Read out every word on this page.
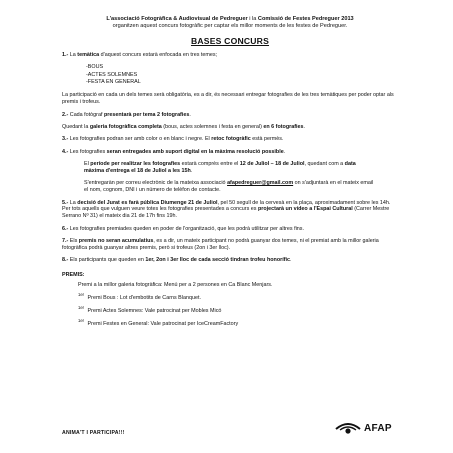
L'associació Fotogràfica & Audiovisual de Pedreguer i la Comissió de Festes Pedreguer 2013
organitzen aquest concurs fotogràfic per captar els millor moments de les festes de Pedreguer.
BASES CONCURS

1.- La temàtica d'aquest concurs estarà enfocada en tres temes;

-BOUS
-ACTES SOLEMNES
-FESTA EN GENERAL

La participació en cada un dels temes serà obligatòria, es a dir, és necessari entregar fotografies de les tres temàtiques per poder optar als premis i trofeus.

2.- Cada fotògraf presentarà per tema 2 fotografies.

Quedant la galeria fotogràfica completa (bous, actes solemnes i festa en general) en 6 fotografies.

3.- Les fotografies podran ser amb color o en blanc i negre. El retoc fotogràfic està permès.

4.- Les fotografies seran entregades amb suport digital en la màxima resolució possible.

El període per realitzar les fotografies estarà comprès entre el 12 de Juliol – 18 de Juliol, quedant com a data màxima d'entrega el 18 de Juliol a les 15h.

S'entregaràn per correu electrònic de la mateixa associació afapedreguer@gmail.com on s'adjuntarà en el mateix email el nom, cognom, DNI i un número de telèfon de contacte.

5.- La decisió del Jurat es farà pública Diumenge 21 de Juliol, pel 50 segull de la cervesà en la plaça, aproximadament sobre les 14h. Per tots aquells que vulguen veure totes les fotografies presentades a concurs es projectarà un vídeo a l'Espai Cultural (Carrer Mestre Serrano Nº 31) el mateix dia 21 de 17h fins 19h.

6.- Les fotografies premiades queden en poder de l'organització, que les podrà utilitzar per altres fins.

7.- Els premis no seran acumulatius, es a dir, un mateix participant no podrà guanyar dos temes, ni el premiat amb la millor galeria fotogràfica podrà guanyar altres premis, però si trofeus (2on i 3er lloc).

8.- Els participants que queden en 1er, 2on i 3er lloc de cada secció tindran trofeu honorífic.

PREMIS:
Premi a la millor galeria fotogràfica: Menú per a 2 persones en Ca Blanc Menjars.
$^{1er}$ Premi Bous : Lot d'embotits de Carns Blanquet.
$^{1er}$ Premi Actes Solemnes: Vale patrocinat per Mobles Micó
$^{1er}$ Premi Festes en General: Vale patrocinat per IceCreamFactory
ANIMA'T I PARTICIPA!!!	AFAP
